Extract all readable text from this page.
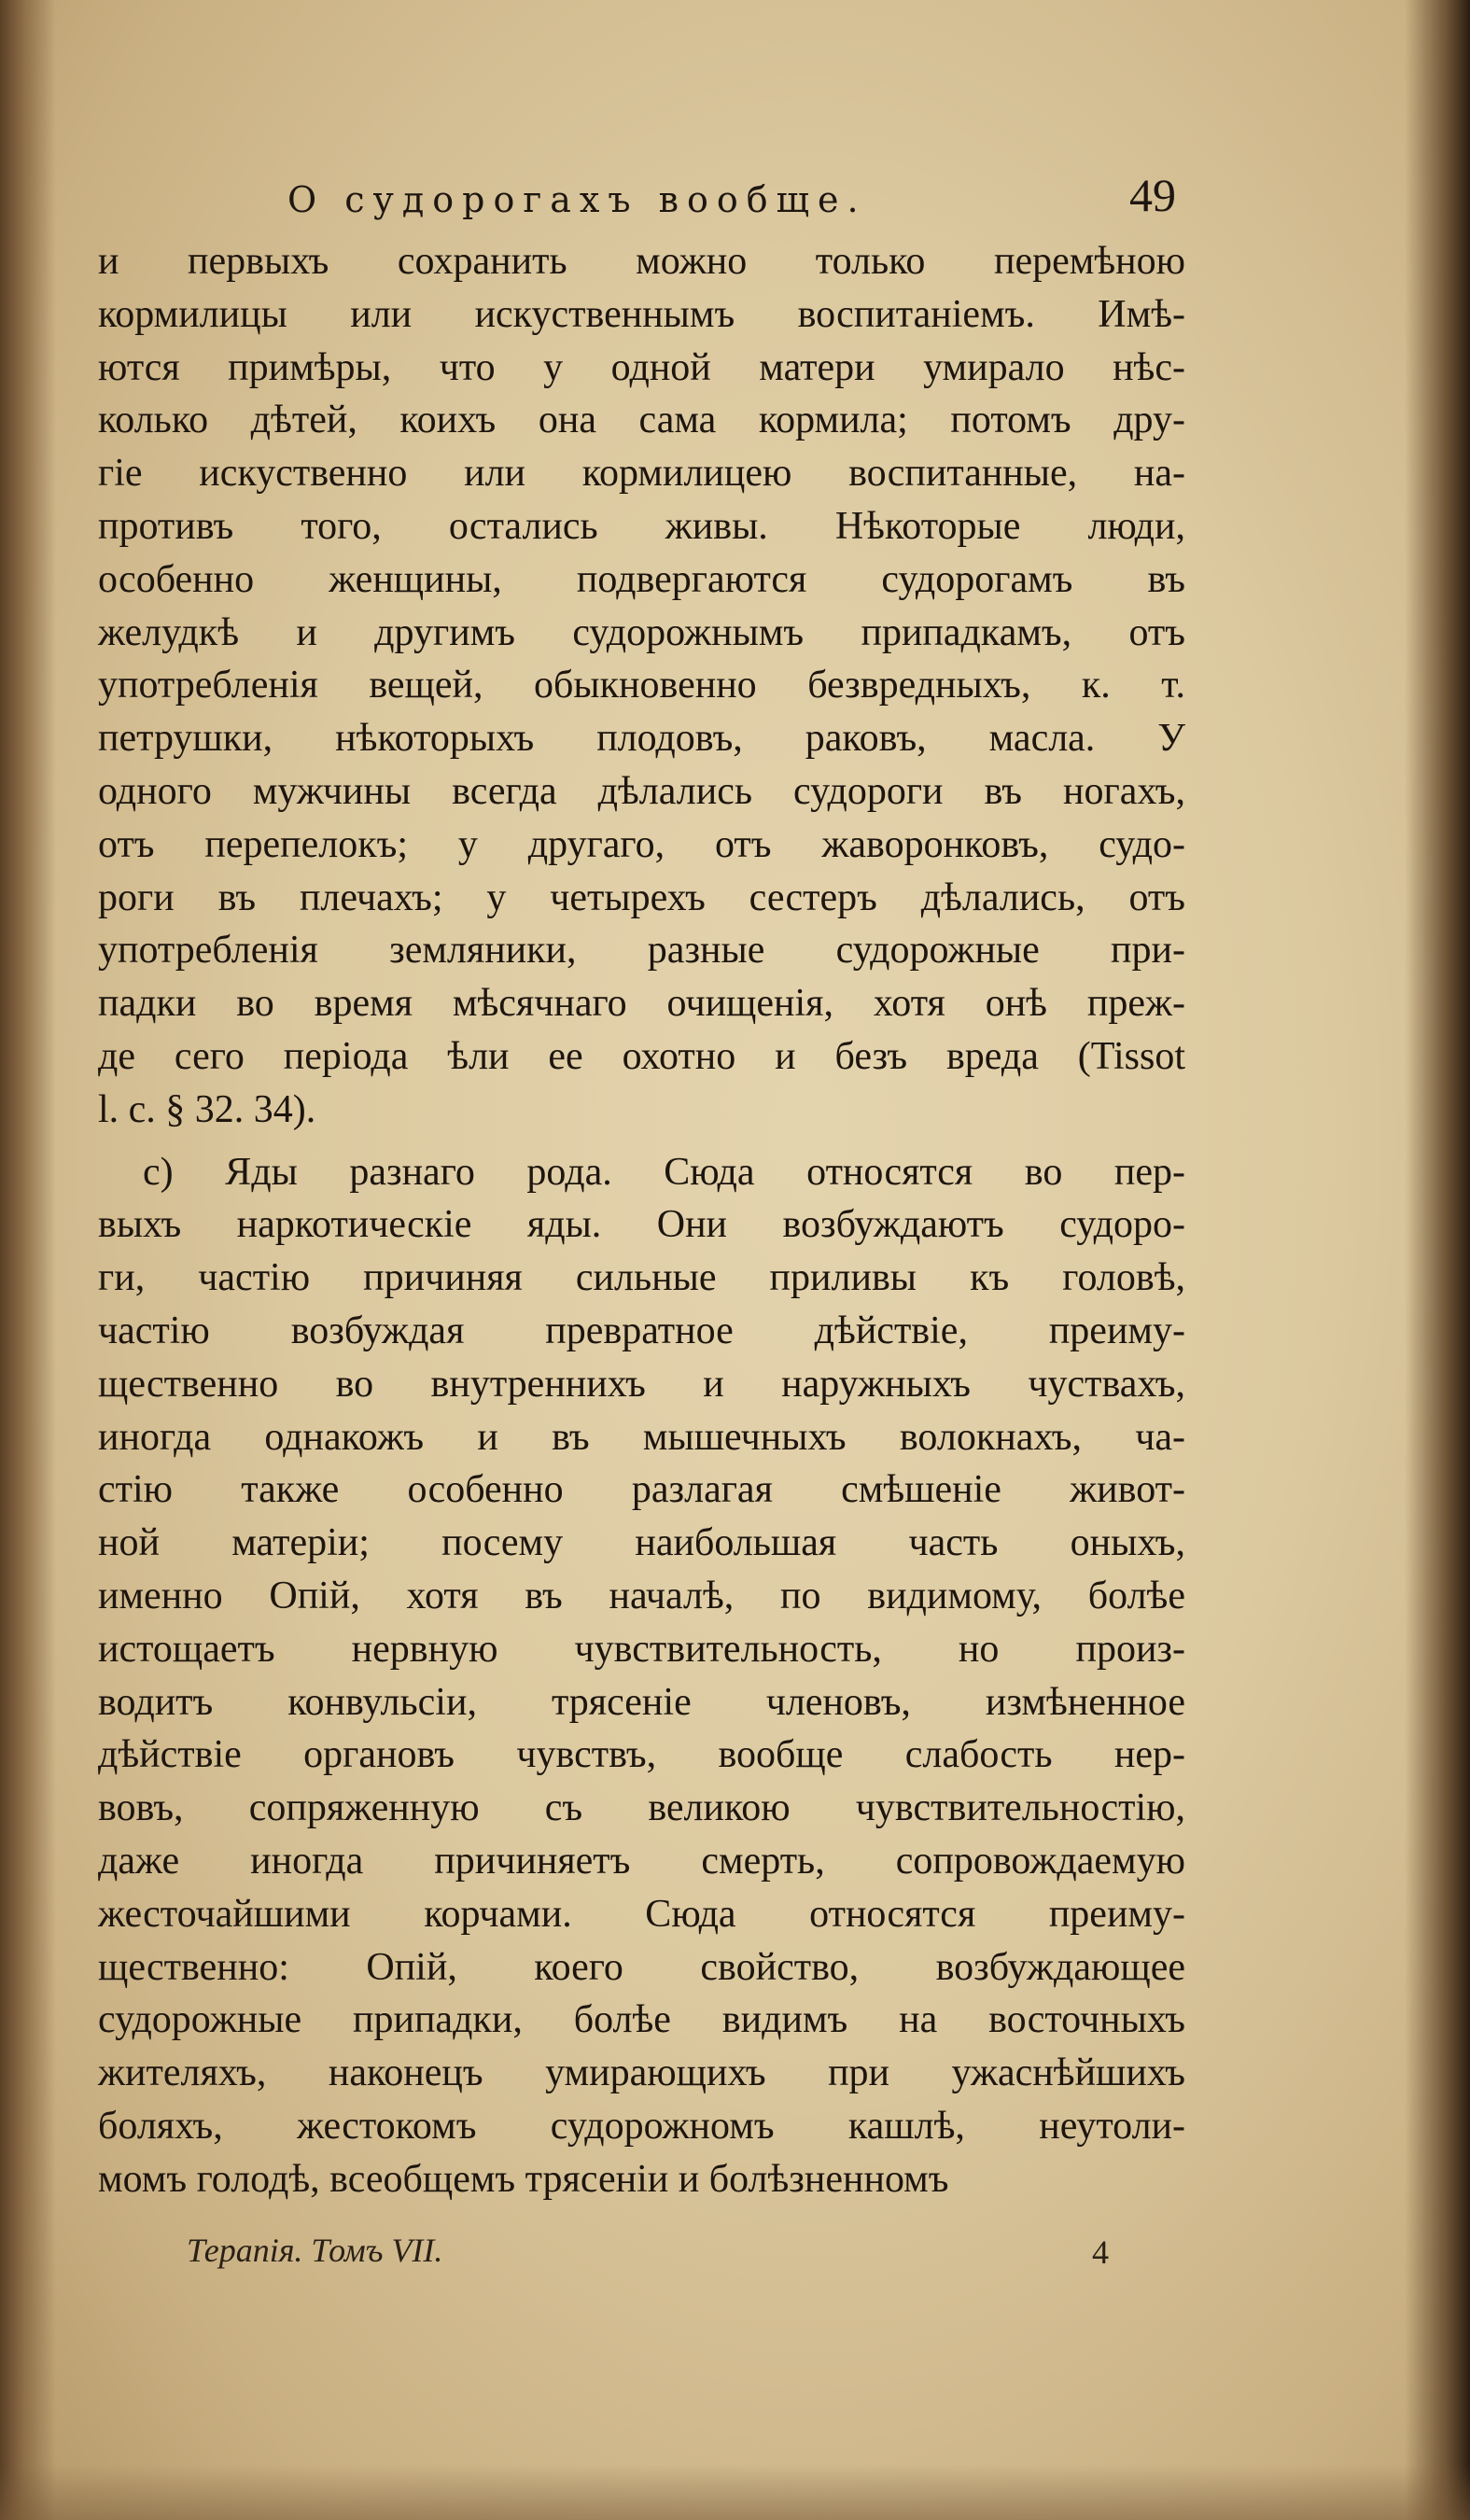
О судорогахъ вообще.	49
и первыхъ сохранить можно только перемѣною
кормилицы или искуственнымъ воспитаніемъ. Имѣ-
ются примѣры, что у одной матери умирало нѣс-
колько дѣтей, коихъ она сама кормила; потомъ дру-
гіе искуственно или кормилицею воспитанные, на-
противъ того, остались живы. Нѣкоторые люди,
особенно женщины, подвергаются судорогамъ въ
желудкѣ и другимъ судорожнымъ припадкамъ, отъ
употребленія вещей, обыкновенно безвредныхъ, к. т.
петрушки, нѣкоторыхъ плодовъ, раковъ, масла. У
одного мужчины всегда дѣлались судороги въ ногахъ,
отъ перепелокъ; у другаго, отъ жаворонковъ, судо-
роги въ плечахъ; у четырехъ сестеръ дѣлались, отъ
употребленія земляники, разные судорожные при-
падки во время мѣсячнаго очищенія, хотя онѣ преж-
де сего періода ѣли ее охотно и безъ вреда (Tissot
l. c. § 32. 34).
c) Яды разнаго рода. Сюда относятся во пер-
выхъ наркотическіе яды. Они возбуждаютъ судоро-
ги, частію причиняя сильные приливы къ головѣ,
частію возбуждая превратное дѣйствіе, преиму-
щественно во внутреннихъ и наружныхъ чуствахъ,
иногда однакожъ и въ мышечныхъ волокнахъ, ча-
стію также особенно разлагая смѣшеніе живот-
ной матеріи; посему наибольшая часть оныхъ,
именно Опій, хотя въ началѣ, по видимому, болѣе
истощаетъ нервную чувствительность, но произ-
водитъ конвульсіи, трясеніе членовъ, измѣненное
дѣйствіе органовъ чувствъ, вообще слабость нер-
вовъ, сопряженную съ великою чувствительностію,
даже иногда причиняетъ смерть, сопровождаемую
жесточайшими корчами. Сюда относятся преиму-
щественно: Опій, коего свойство, возбуждающее
судорожные припадки, болѣе видимъ на восточныхъ
жителяхъ, наконецъ умирающихъ при ужаснѣйшихъ
боляхъ, жестокомъ судорожномъ кашлѣ, неутоли-
момъ голодѣ, всеобщемъ трясеніи и болѣзненномъ
Терапія. Томъ VII.	4
